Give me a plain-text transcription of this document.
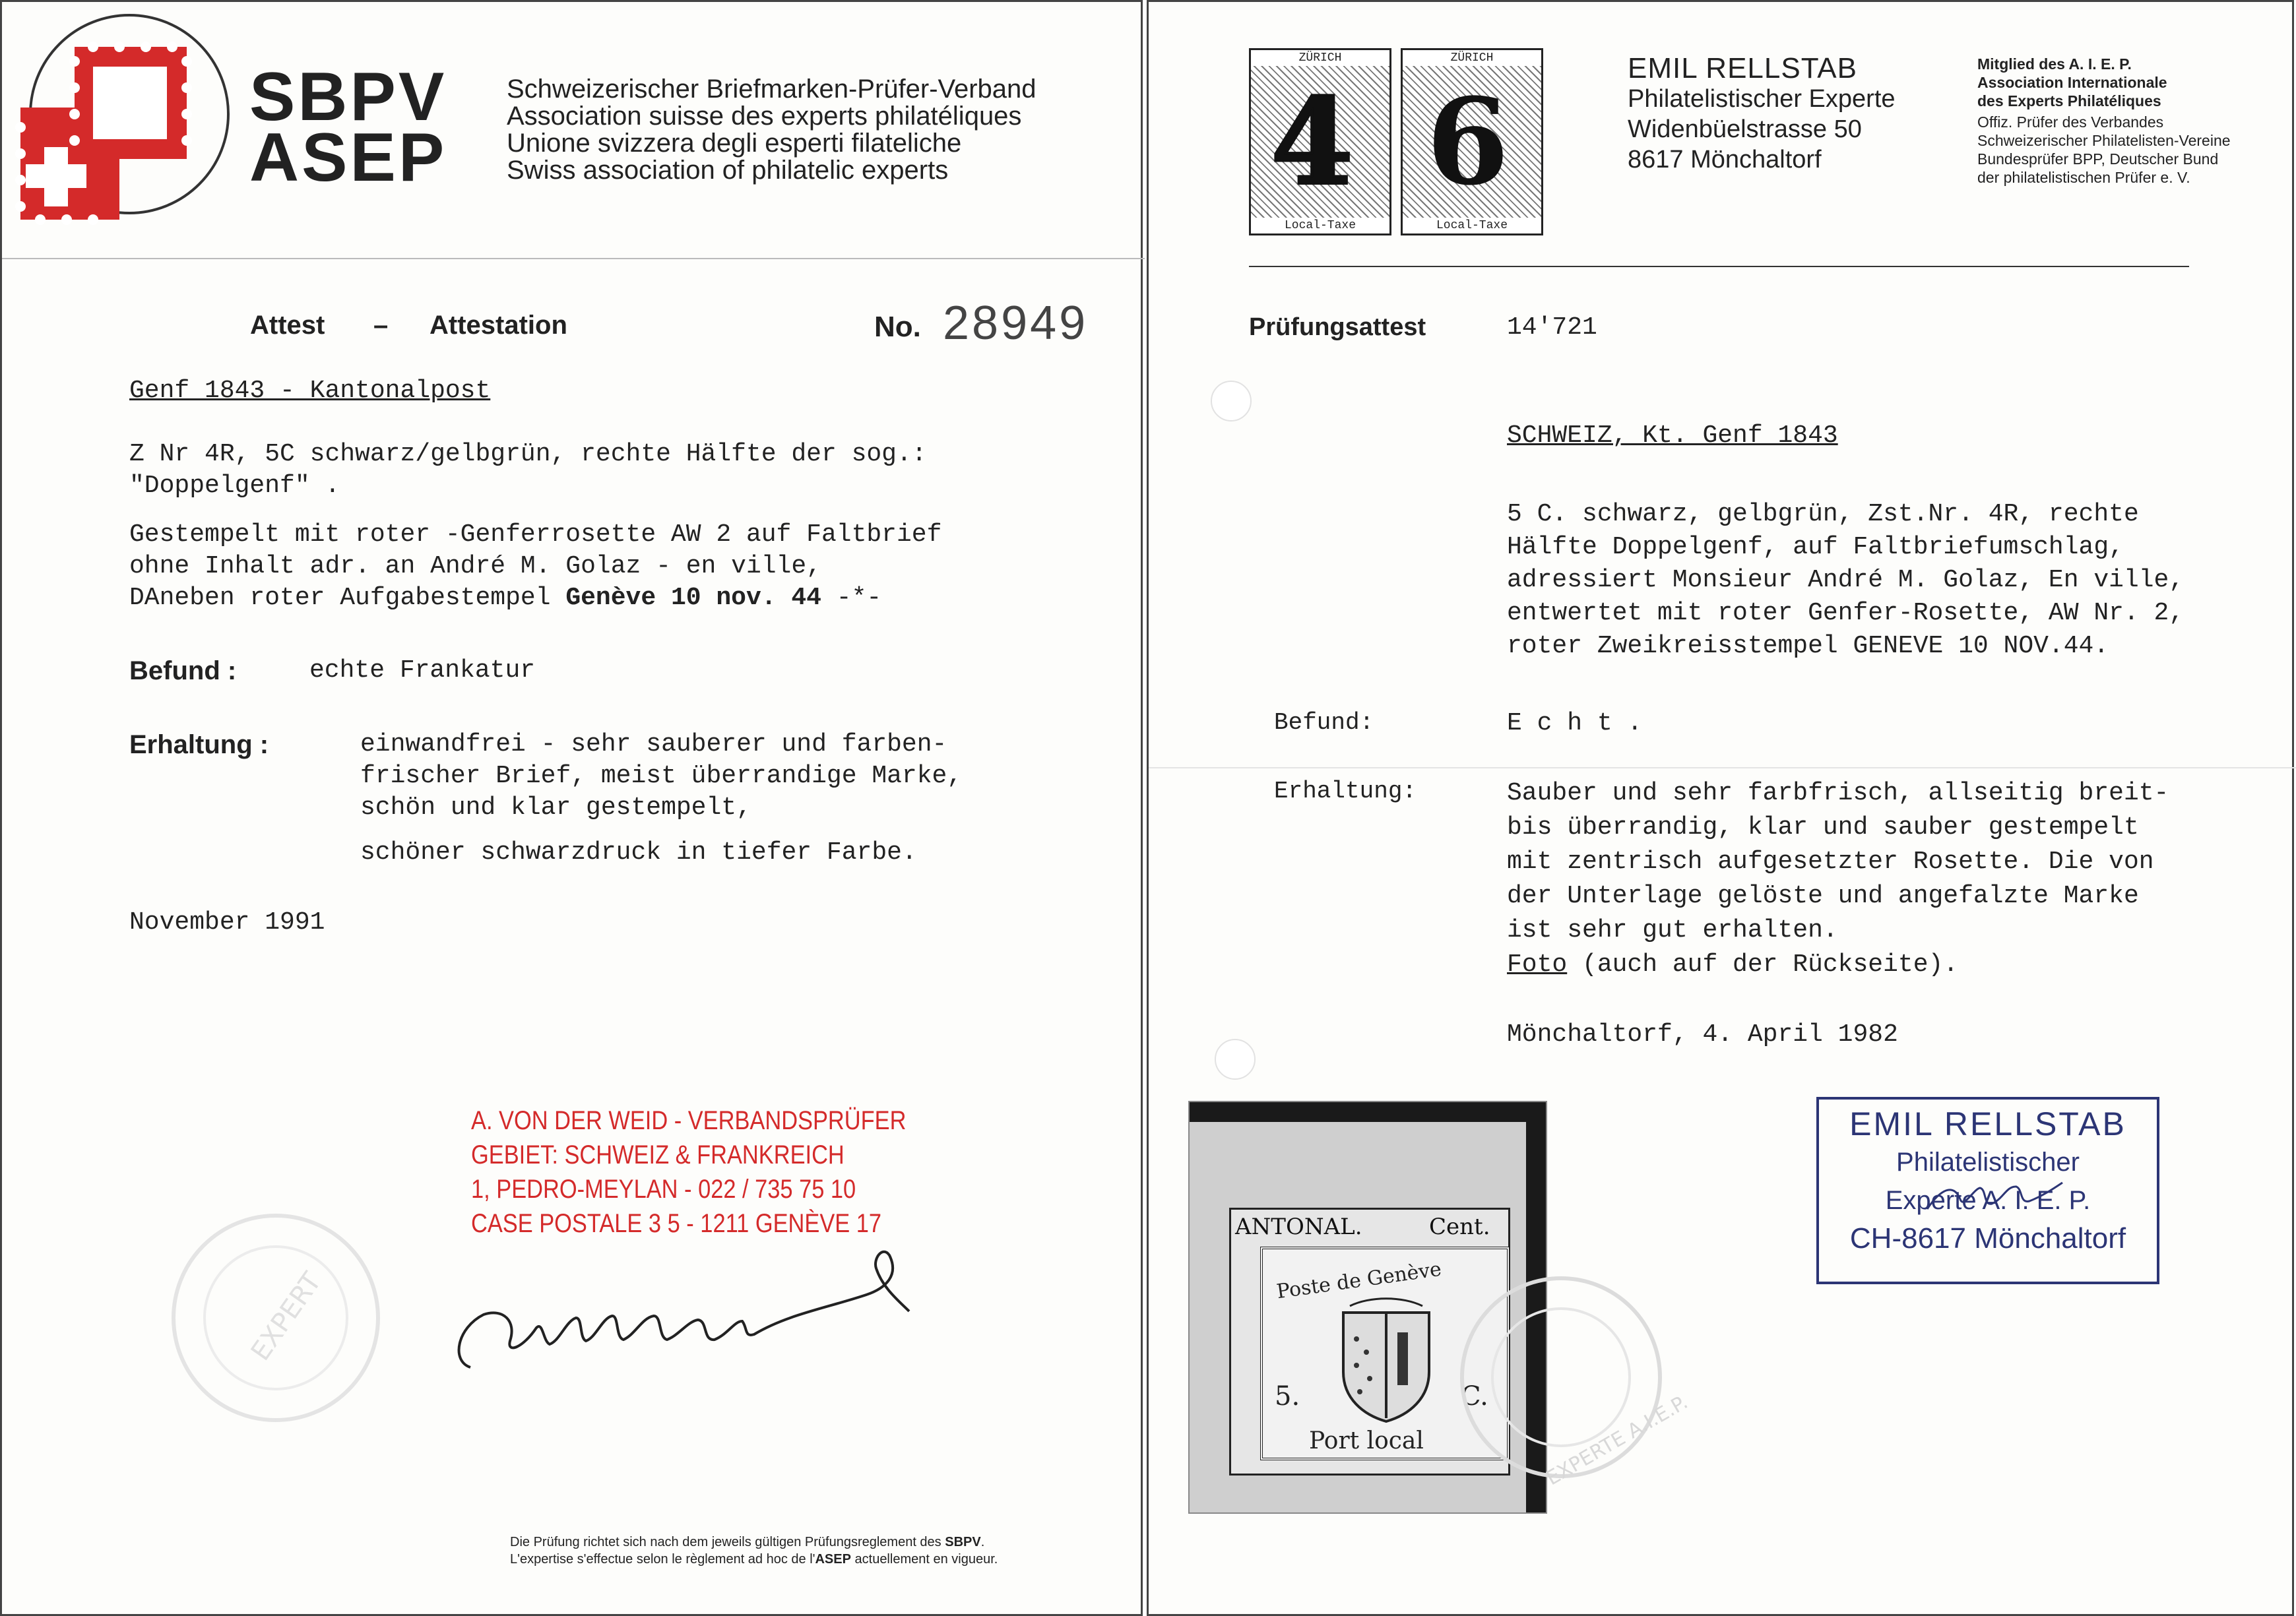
SBPV
ASEP
Schweizerischer Briefmarken-Prüfer-Verband
Association suisse des experts philatéliques
Unione svizzera degli esperti filateliche
Swiss association of philatelic experts
Attest – Attestation	No. 28949
Genf 1843 - Kantonalpost
Z Nr 4R, 5C schwarz/gelbgrün, rechte Hälfte der sog.:
"Doppelgenf" .
Gestempelt mit roter -Genferrosette AW 2 auf Faltbrief
ohne Inhalt adr. an André M. Golaz - en ville,
DAneben roter Aufgabestempel Genève 10 nov. 44 -*-
Befund :	echte Frankatur
Erhaltung :	einwandfrei - sehr sauberer und farben-
frischer Brief, meist überrandige Marke,
schön und klar gestempelt,
schöner schwarzdruck in tiefer Farbe.
November 1991
A. VON DER WEID - VERBANDSPRÜFER
GEBIET: SCHWEIZ & FRANKREICH
1, PEDRO-MEYLAN - 022 / 735 75 10
CASE POSTALE 3 5 - 1211 GENÈVE 17
EXPERT
Die Prüfung richtet sich nach dem jeweils gültigen Prüfungsreglement des SBPV.
L'expertise s'effectue selon le règlement ad hoc de l'ASEP actuellement en vigueur.
ZÜRICH
4
Local-Taxe
ZÜRICH
6
Local-Taxe
EMIL RELLSTAB
Philatelistischer Experte
Widenbüelstrasse 50
8617 Mönchaltorf
Mitglied des A. I. E. P.
Association Internationale
des Experts Philatéliques
Offiz. Prüfer des Verbandes
Schweizerischer Philatelisten-Vereine
Bundesprüfer BPP, Deutscher Bund
der philatelistischen Prüfer e. V.
Prüfungsattest	14'721
SCHWEIZ, Kt. Genf 1843
5 C. schwarz, gelbgrün, Zst.Nr. 4R, rechte
Hälfte Doppelgenf, auf Faltbriefumschlag,
adressiert Monsieur André M. Golaz, En ville,
entwertet mit roter Genfer-Rosette, AW Nr. 2,
roter Zweikreisstempel GENEVE 10 NOV.44.
Befund:	E c h t .
Erhaltung:	Sauber und sehr farbfrisch, allseitig breit-
bis überrandig, klar und sauber gestempelt
mit zentrisch aufgesetzter Rosette. Die von
der Unterlage gelöste und angefalzte Marke
ist sehr gut erhalten.
Foto (auch auf der Rückseite).
Mönchaltorf, 4. April 1982
ANTONAL.	Cent.
Poste de Genève
5.	C.
Port local	EXPERTE A.I.E.P.
EMIL RELLSTAB
Philatelistischer
Experte A. I. E. P.
CH-8617 Mönchaltorf
